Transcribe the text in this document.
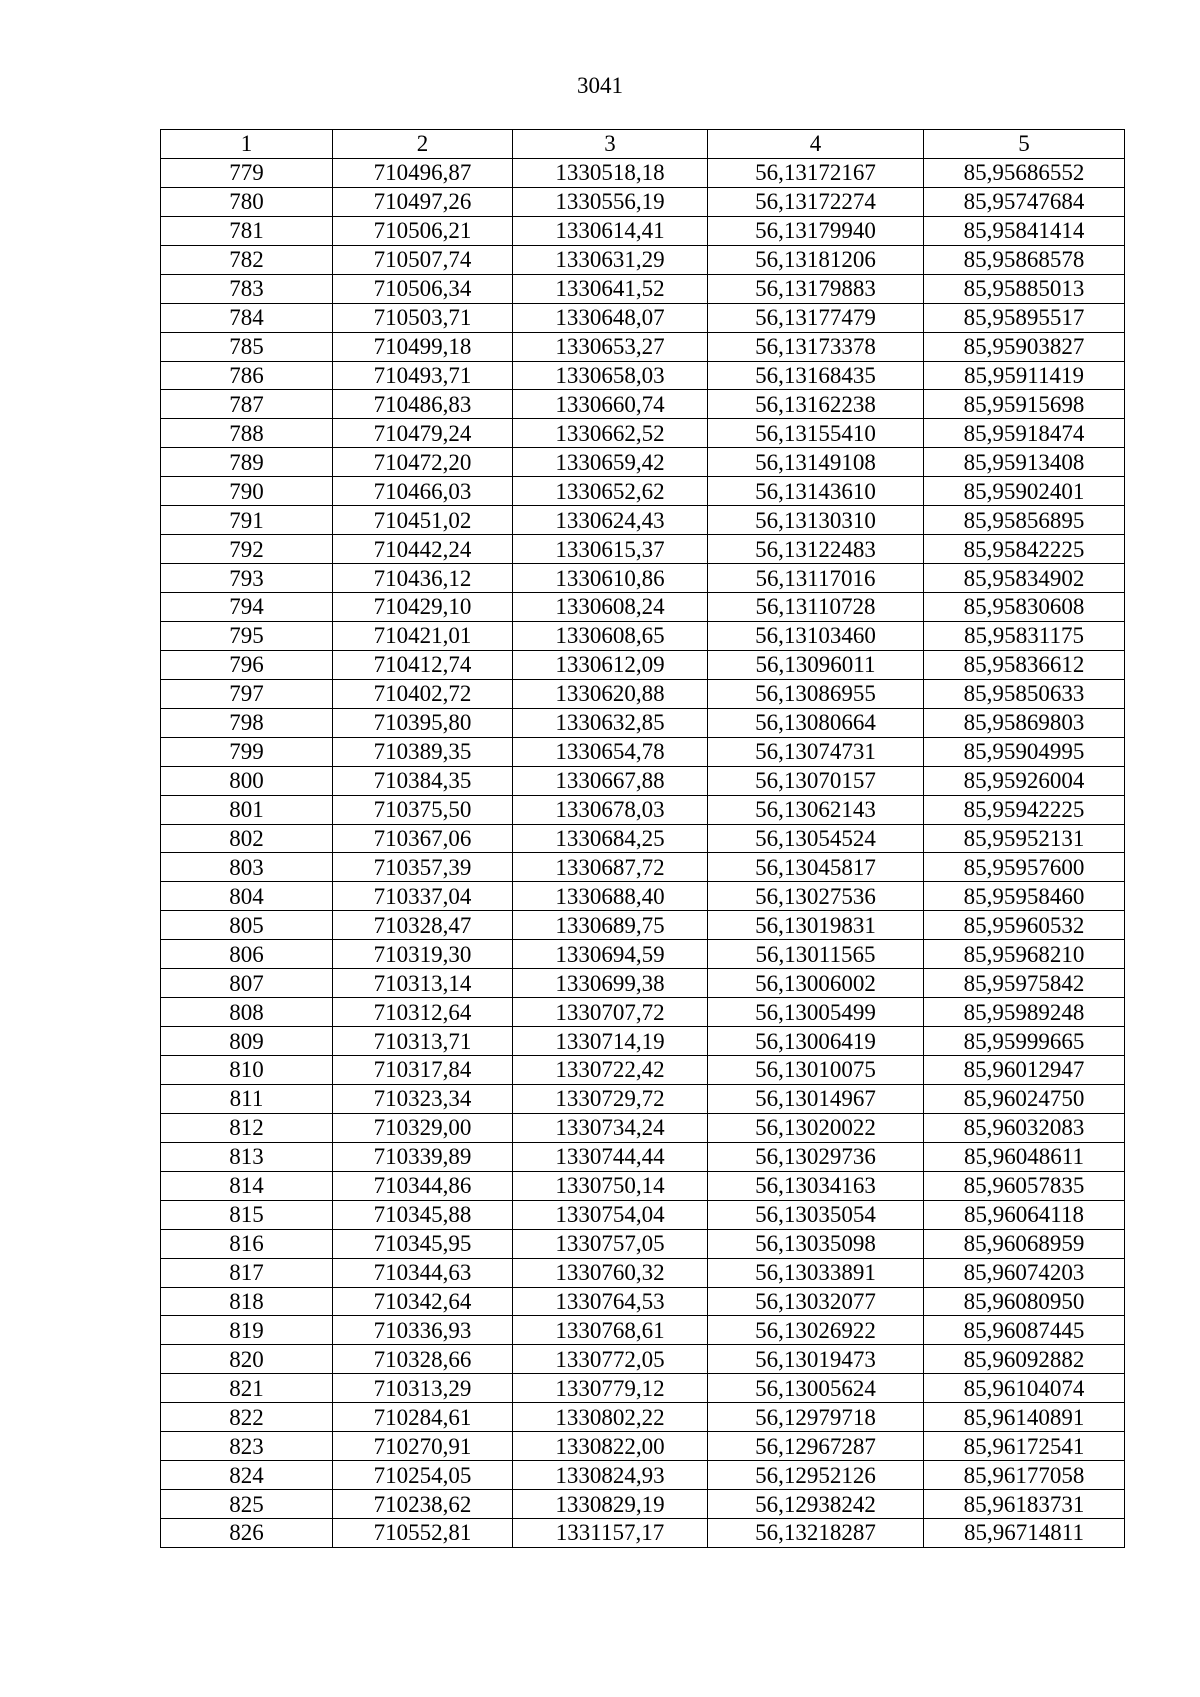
3041
1	2	3	4	5
779	710496,87	1330518,18	56,13172167	85,95686552
780	710497,26	1330556,19	56,13172274	85,95747684
781	710506,21	1330614,41	56,13179940	85,95841414
782	710507,74	1330631,29	56,13181206	85,95868578
783	710506,34	1330641,52	56,13179883	85,95885013
784	710503,71	1330648,07	56,13177479	85,95895517
785	710499,18	1330653,27	56,13173378	85,95903827
786	710493,71	1330658,03	56,13168435	85,95911419
787	710486,83	1330660,74	56,13162238	85,95915698
788	710479,24	1330662,52	56,13155410	85,95918474
789	710472,20	1330659,42	56,13149108	85,95913408
790	710466,03	1330652,62	56,13143610	85,95902401
791	710451,02	1330624,43	56,13130310	85,95856895
792	710442,24	1330615,37	56,13122483	85,95842225
793	710436,12	1330610,86	56,13117016	85,95834902
794	710429,10	1330608,24	56,13110728	85,95830608
795	710421,01	1330608,65	56,13103460	85,95831175
796	710412,74	1330612,09	56,13096011	85,95836612
797	710402,72	1330620,88	56,13086955	85,95850633
798	710395,80	1330632,85	56,13080664	85,95869803
799	710389,35	1330654,78	56,13074731	85,95904995
800	710384,35	1330667,88	56,13070157	85,95926004
801	710375,50	1330678,03	56,13062143	85,95942225
802	710367,06	1330684,25	56,13054524	85,95952131
803	710357,39	1330687,72	56,13045817	85,95957600
804	710337,04	1330688,40	56,13027536	85,95958460
805	710328,47	1330689,75	56,13019831	85,95960532
806	710319,30	1330694,59	56,13011565	85,95968210
807	710313,14	1330699,38	56,13006002	85,95975842
808	710312,64	1330707,72	56,13005499	85,95989248
809	710313,71	1330714,19	56,13006419	85,95999665
810	710317,84	1330722,42	56,13010075	85,96012947
811	710323,34	1330729,72	56,13014967	85,96024750
812	710329,00	1330734,24	56,13020022	85,96032083
813	710339,89	1330744,44	56,13029736	85,96048611
814	710344,86	1330750,14	56,13034163	85,96057835
815	710345,88	1330754,04	56,13035054	85,96064118
816	710345,95	1330757,05	56,13035098	85,96068959
817	710344,63	1330760,32	56,13033891	85,96074203
818	710342,64	1330764,53	56,13032077	85,96080950
819	710336,93	1330768,61	56,13026922	85,96087445
820	710328,66	1330772,05	56,13019473	85,96092882
821	710313,29	1330779,12	56,13005624	85,96104074
822	710284,61	1330802,22	56,12979718	85,96140891
823	710270,91	1330822,00	56,12967287	85,96172541
824	710254,05	1330824,93	56,12952126	85,96177058
825	710238,62	1330829,19	56,12938242	85,96183731
826	710552,81	1331157,17	56,13218287	85,96714811
